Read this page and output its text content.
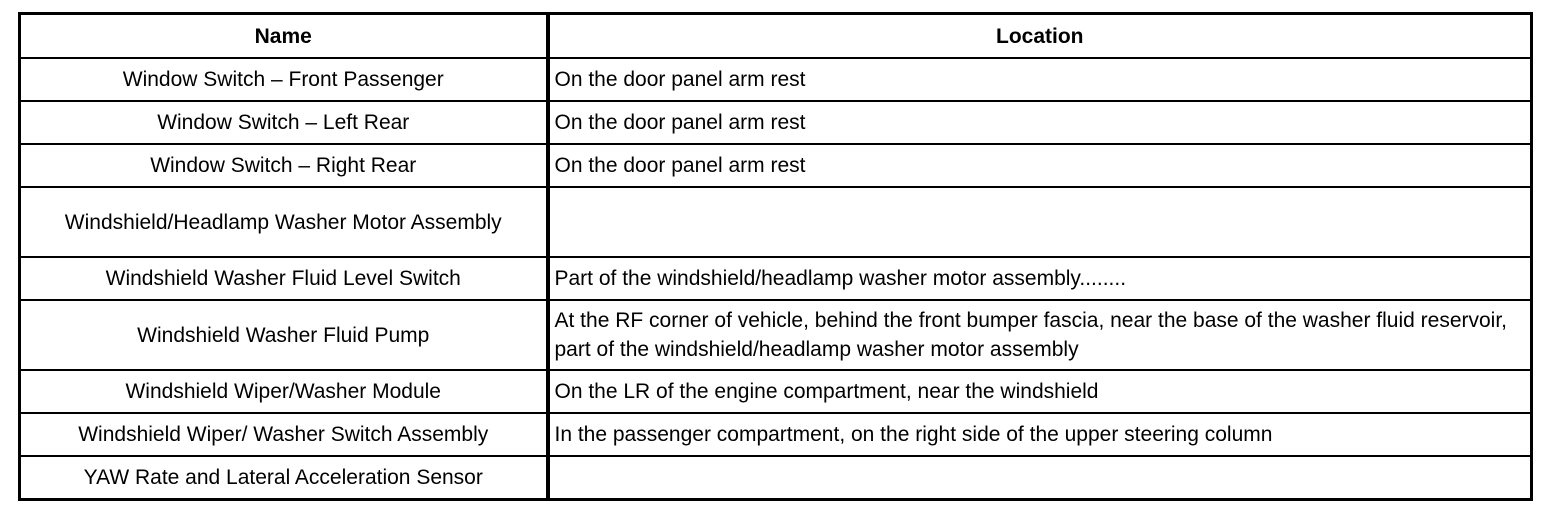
Name	Location
Window Switch – Front Passenger	On the door panel arm rest
Window Switch – Left Rear	On the door panel arm rest
Window Switch – Right Rear	On the door panel arm rest
Windshield/Headlamp Washer Motor Assembly	
Windshield Washer Fluid Level Switch	Part of the windshield/headlamp washer motor assembly........
Windshield Washer Fluid Pump	At the RF corner of vehicle, behind the front bumper fascia, near the base of the washer fluid reservoir, part of the windshield/headlamp washer motor assembly
Windshield Wiper/Washer Module	On the LR of the engine compartment, near the windshield
Windshield Wiper/ Washer Switch Assembly	In the passenger compartment, on the right side of the upper steering column
YAW Rate and Lateral Acceleration Sensor	
